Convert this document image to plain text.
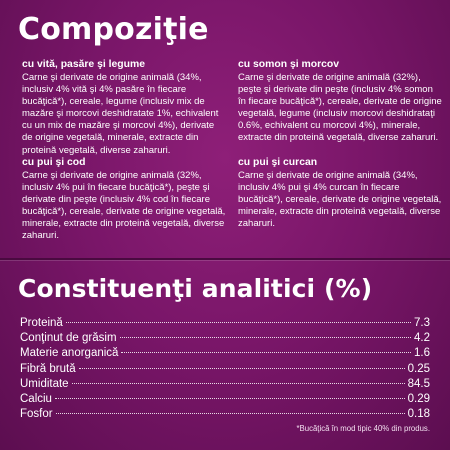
Compoziţie
cu vită, pasăre şi legume
Carne şi derivate de origine animală (34%, inclusiv 4% vită şi 4% pasăre în fiecare bucăţică*), cereale, legume (inclusiv mix de mazăre şi morcovi deshidratate 1%, echivalent cu un mix de mazăre şi morcovi 4%), derivate de origine vegetală, minerale, extracte din proteină vegetală, diverse zaharuri.
cu pui şi cod
Carne şi derivate de origine animală (32%, inclusiv 4% pui în fiecare bucăţică*), peşte şi derivate din peşte (inclusiv 4% cod în fiecare bucăţică*), cereale, derivate de origine vegetală, minerale, extracte din proteină vegetală, diverse zaharuri.
cu somon şi morcov
Carne şi derivate de origine animală (32%), peşte şi derivate din peşte (inclusiv 4% somon în fiecare bucăţică*), cereale, derivate de origine vegetală, legume (inclusiv morcovi deshidrataţi 0.6%, echivalent cu morcovi 4%), minerale, extracte din proteină vegetală, diverse zaharuri.
cu pui şi curcan
Carne şi derivate de origine animală (34%, inclusiv 4% pui şi 4% curcan în fiecare bucăţică*), cereale, derivate de origine vegetală, minerale, extracte din proteină vegetală, diverse zaharuri.
Constituenţi analitici (%)
Proteină	7.3
Conţinut de grăsim	4.2
Materie anorganică	1.6
Fibră brută	0.25
Umiditate	84.5
Calciu	0.29
Fosfor	0.18
*Bucăţică în mod tipic 40% din produs.
